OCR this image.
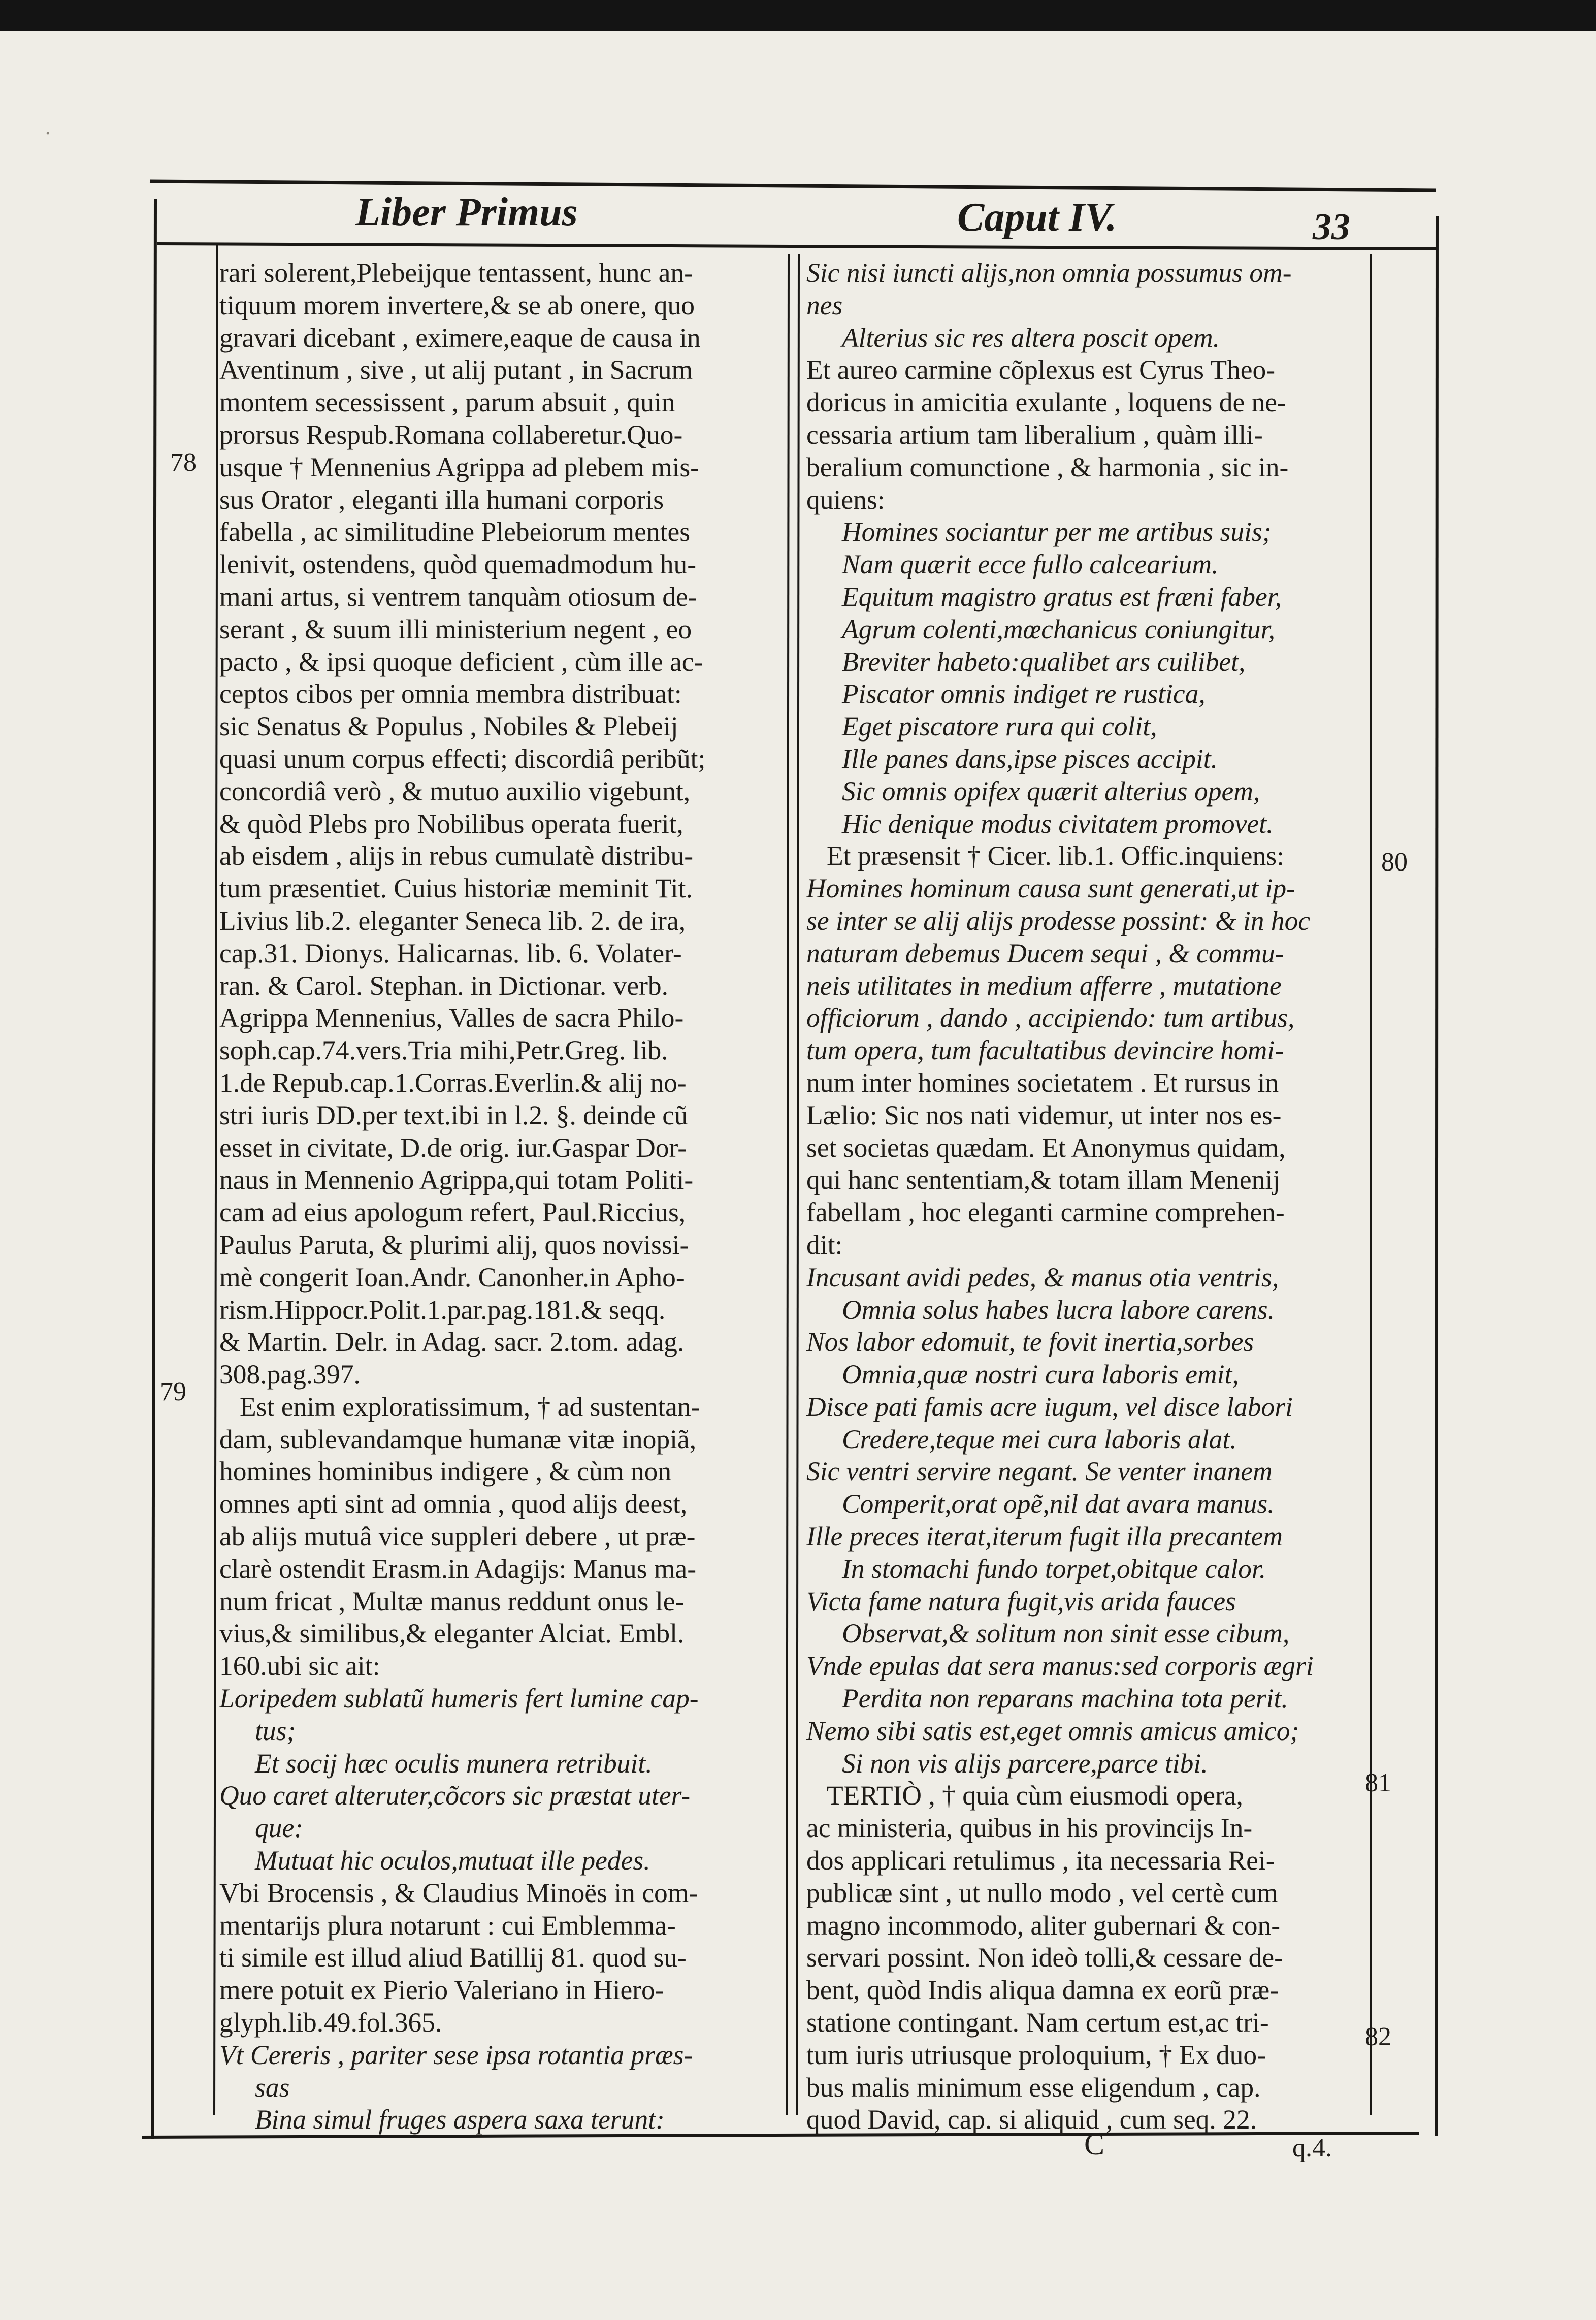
·
Liber Primus	Caput IV.	33
rari solerent,Plebeijque tentassent, hunc an-
tiquum morem invertere,& se ab onere, quo
gravari dicebant , eximere,eaque de causa in
Aventinum , sive , ut alij putant , in Sacrum
montem secessissent , parum absuit , quin
prorsus Respub.Romana collaberetur.Quo-
usque † Mennenius Agrippa ad plebem mis-
sus Orator , eleganti illa humani corporis
fabella , ac similitudine Plebeiorum mentes
lenivit, ostendens, quòd quemadmodum hu-
mani artus, si ventrem tanquàm otiosum de-
serant , & suum illi ministerium negent , eo
pacto , & ipsi quoque deficient , cùm ille ac-
ceptos cibos per omnia membra distribuat:
sic Senatus & Populus , Nobiles & Plebeij
quasi unum corpus effecti; discordiâ peribũt;
concordiâ verò , & mutuo auxilio vigebunt,
& quòd Plebs pro Nobilibus operata fuerit,
ab eisdem , alijs in rebus cumulatè distribu-
tum præsentiet. Cuius historiæ meminit Tit.
Livius lib.2. eleganter Seneca lib. 2. de ira,
cap.31. Dionys. Halicarnas. lib. 6. Volater-
ran. & Carol. Stephan. in Dictionar. verb.
Agrippa Mennenius, Valles de sacra Philo-
soph.cap.74.vers.Tria mihi,Petr.Greg. lib.
1.de Repub.cap.1.Corras.Everlin.& alij no-
stri iuris DD.per text.ibi in l.2. §. deinde cũ
esset in civitate, D.de orig. iur.Gaspar Dor-
naus in Mennenio Agrippa,qui totam Politi-
cam ad eius apologum refert, Paul.Riccius,
Paulus Paruta, & plurimi alij, quos novissi-
mè congerit Ioan.Andr. Canonher.in Apho-
rism.Hippocr.Polit.1.par.pag.181.& seqq.
& Martin. Delr. in Adag. sacr. 2.tom. adag.
308.pag.397.
Est enim exploratissimum, † ad sustentan-
dam, sublevandamque humanæ vitæ inopiã,
homines hominibus indigere , & cùm non
omnes apti sint ad omnia , quod alijs deest,
ab alijs mutuâ vice suppleri debere , ut præ-
clarè ostendit Erasm.in Adagijs: Manus ma-
num fricat , Multæ manus reddunt onus le-
vius,& similibus,& eleganter Alciat. Embl.
160.ubi sic ait:
Loripedem sublatũ humeris fert lumine cap-
tus;
Et socij hæc oculis munera retribuit.
Quo caret alteruter,cõcors sic præstat uter-
que:
Mutuat hic oculos,mutuat ille pedes.
Vbi Brocensis , & Claudius Minoës in com-
mentarijs plura notarunt : cui Emblemma-
ti simile est illud aliud Batillij 81. quod su-
mere potuit ex Pierio Valeriano in Hiero-
glyph.lib.49.fol.365.
Vt Cereris , pariter sese ipsa rotantia præs-
sas
Bina simul fruges aspera saxa terunt:
Sic nisi iuncti alijs,non omnia possumus om-
nes
Alterius sic res altera poscit opem.
Et aureo carmine cõplexus est Cyrus Theo-
doricus in amicitia exulante , loquens de ne-
cessaria artium tam liberalium , quàm illi-
beralium comunctione , & harmonia , sic in-
quiens:
Homines sociantur per me artibus suis;
Nam quærit ecce fullo calcearium.
Equitum magistro gratus est fræni faber,
Agrum colenti,mœchanicus coniungitur,
Breviter habeto:qualibet ars cuilibet,
Piscator omnis indiget re rustica,
Eget piscatore rura qui colit,
Ille panes dans,ipse pisces accipit.
Sic omnis opifex quærit alterius opem,
Hic denique modus civitatem promovet.
Et præsensit † Cicer. lib.1. Offic.inquiens:
Homines hominum causa sunt generati,ut ip-
se inter se alij alijs prodesse possint: & in hoc
naturam debemus Ducem sequi , & commu-
neis utilitates in medium afferre , mutatione
officiorum , dando , accipiendo: tum artibus,
tum opera, tum facultatibus devincire homi-
num inter homines societatem . Et rursus in
Lælio: Sic nos nati videmur, ut inter nos es-
set societas quædam. Et Anonymus quidam,
qui hanc sententiam,& totam illam Menenij
fabellam , hoc eleganti carmine comprehen-
dit:
Incusant avidi pedes, & manus otia ventris,
Omnia solus habes lucra labore carens.
Nos labor edomuit, te fovit inertia,sorbes
Omnia,quæ nostri cura laboris emit,
Disce pati famis acre iugum, vel disce labori
Credere,teque mei cura laboris alat.
Sic ventri servire negant. Se venter inanem
Comperit,orat opẽ,nil dat avara manus.
Ille preces iterat,iterum fugit illa precantem
In stomachi fundo torpet,obitque calor.
Victa fame natura fugit,vis arida fauces
Observat,& solitum non sinit esse cibum,
Vnde epulas dat sera manus:sed corporis ægri
Perdita non reparans machina tota perit.
Nemo sibi satis est,eget omnis amicus amico;
Si non vis alijs parcere,parce tibi.
TERTIÒ , † quia cùm eiusmodi opera,
ac ministeria, quibus in his provincijs In-
dos applicari retulimus , ita necessaria Rei-
publicæ sint , ut nullo modo , vel certè cum
magno incommodo, aliter gubernari & con-
servari possint. Non ideò tolli,& cessare de-
bent, quòd Indis aliqua damna ex eorũ præ-
statione contingant. Nam certum est,ac tri-
tum iuris utriusque proloquium, † Ex duo-
bus malis minimum esse eligendum , cap.
quod David, cap. si aliquid , cum seq. 22.
78
79
80
81
82
C	q.4.
